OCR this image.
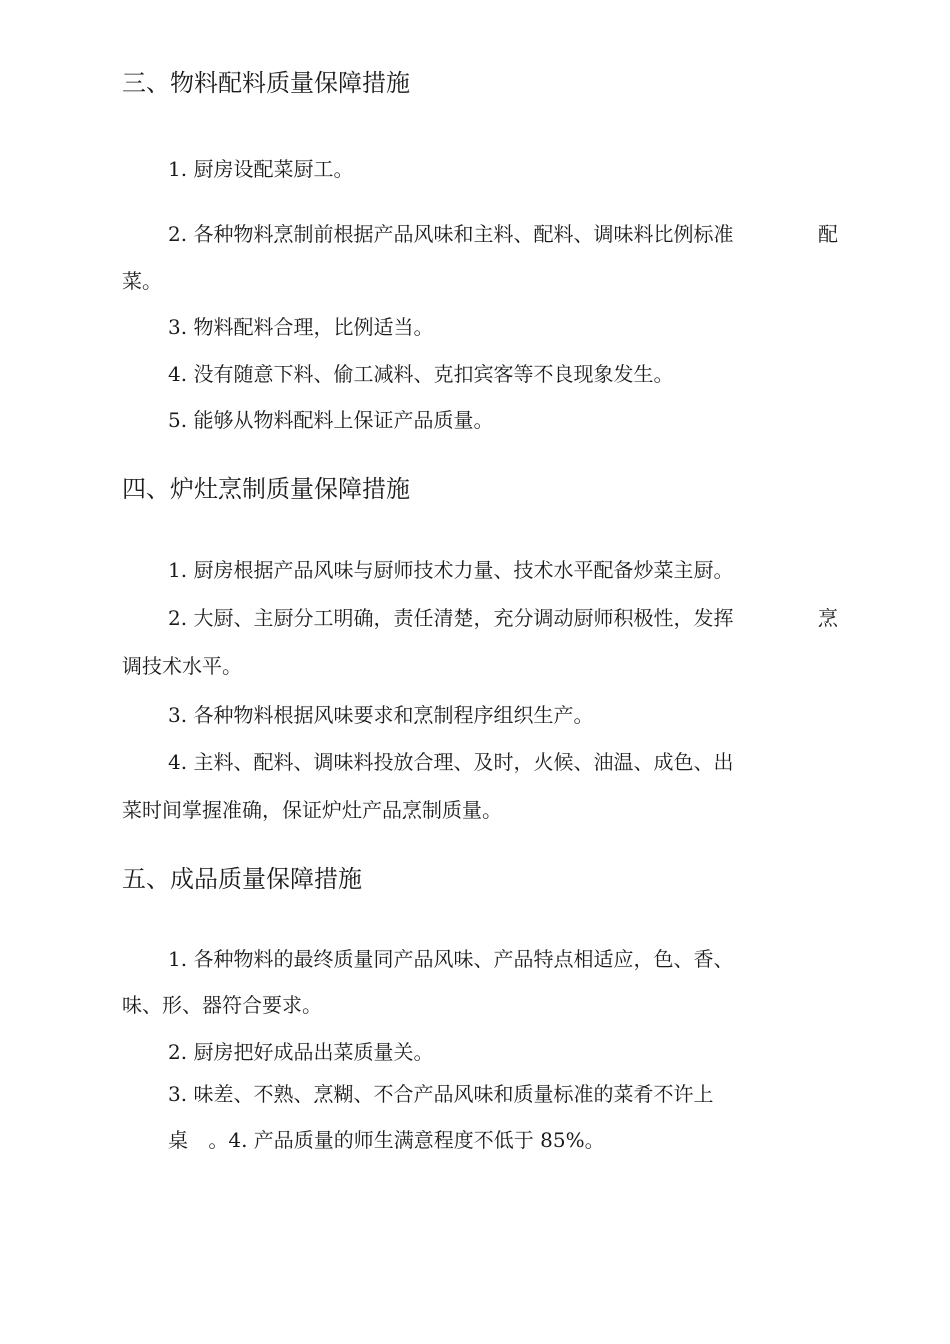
三、物料配料质量保障措施
1. 厨房设配菜厨工。
2. 各种物料烹制前根据产品风味和主料、配料、调味料比例标准	配
菜。
3. 物料配料合理，比例适当。
4. 没有随意下料、偷工减料、克扣宾客等不良现象发生。
5. 能够从物料配料上保证产品质量。
四、炉灶烹制质量保障措施
1. 厨房根据产品风味与厨师技术力量、技术水平配备炒菜主厨。
2. 大厨、主厨分工明确，责任清楚，充分调动厨师积极性，发挥	烹
调技术水平。
3. 各种物料根据风味要求和烹制程序组织生产。
4. 主料、配料、调味料投放合理、及时，火候、油温、成色、出
菜时间掌握准确，保证炉灶产品烹制质量。
五、成品质量保障措施
1. 各种物料的最终质量同产品风味、产品特点相适应，色、香、
味、形、器符合要求。
2. 厨房把好成品出菜质量关。
3. 味差、不熟、烹糊、不合产品风味和质量标准的菜肴不许上
桌 。4. 产品质量的师生满意程度不低于 85%。
